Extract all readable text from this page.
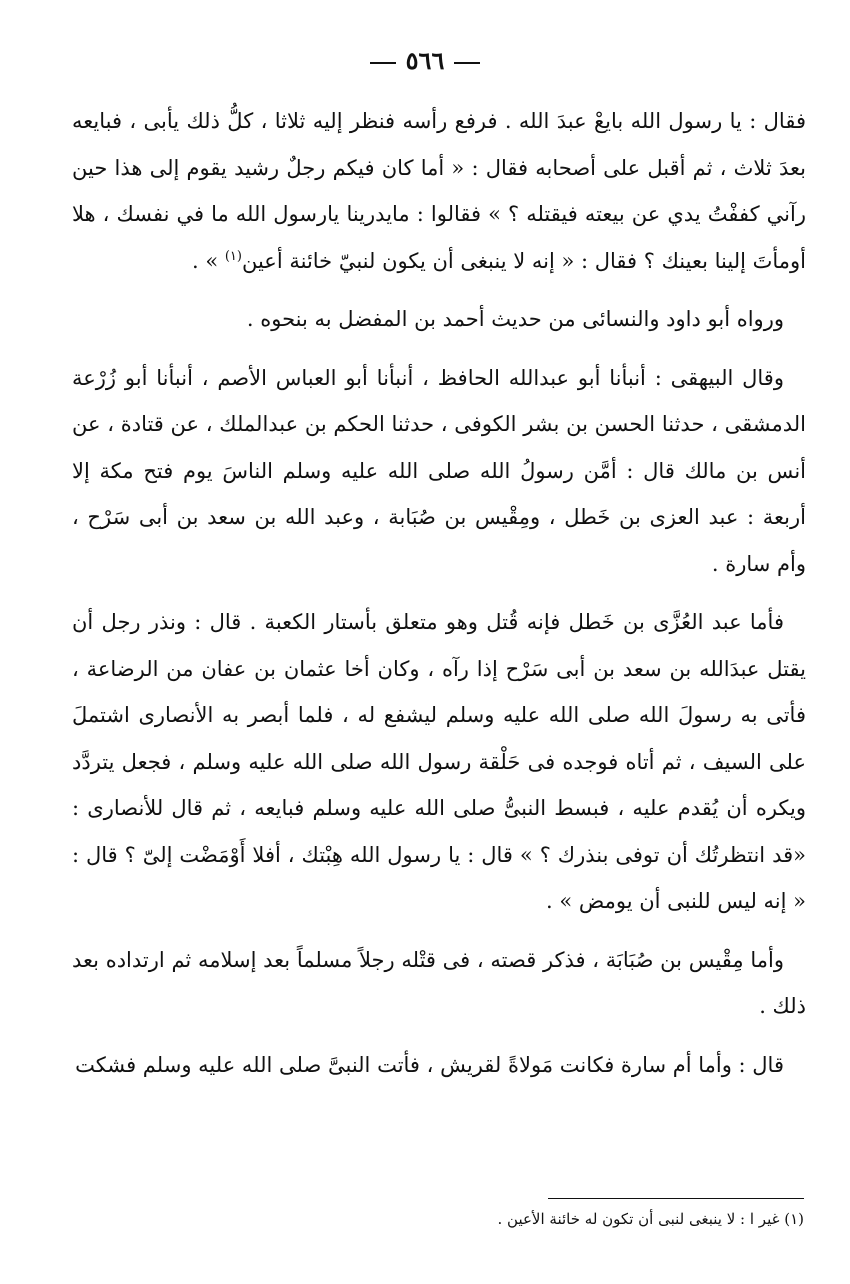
٥٦٦

فقال : يا رسول الله بايعْ عبدَ الله . فرفع رأسه فنظر إليه ثلاثا ، كلُّ ذلك يأبى ، فبايعه بعدَ ثلاث ، ثم أقبل على أصحابه فقال : « أما كان فيكم رجلٌ رشيد يقوم إلى هذا حين رآني كففْتُ يدي عن بيعته فيقتله ؟ » فقالوا : مايدرينا يارسول الله ما في نفسك ، هلا أومأتَ إلينا بعينك ؟ فقال : « إنه لا ينبغى أن يكون لنبيّ خائنة أعين$^{(١)}$ » .

ورواه أبو داود والنسائى من حديث أحمد بن المفضل به بنحوه .

وقال البيهقى : أنبأنا أبو عبدالله الحافظ ، أنبأنا أبو العباس الأصم ، أنبأنا أبو زُرْعة الدمشقى ، حدثنا الحسن بن بشر الكوفى ، حدثنا الحكم بن عبدالملك ، عن قتادة ، عن أنس بن مالك قال : أمَّن رسولُ الله صلى الله عليه وسلم الناسَ يوم فتح مكة إلا أربعة : عبد العزى بن خَطل ، ومِقْيس بن صُبَابة ، وعبد الله بن سعد بن أبى سَرْح ، وأم سارة .

فأما عبد العُزَّى بن خَطل فإنه قُتل وهو متعلق بأستار الكعبة . قال : ونذر رجل أن يقتل عبدَالله بن سعد بن أبى سَرْح إذا رآه ، وكان أخا عثمان بن عفان من الرضاعة ، فأتى به رسولَ الله صلى الله عليه وسلم ليشفع له ، فلما أبصر به الأنصارى اشتملَ على السيف ، ثم أتاه فوجده فى حَلْقة رسول الله صلى الله عليه وسلم ، فجعل يتردَّد ويكره أن يُقدم عليه ، فبسط النبىُّ صلى الله عليه وسلم فبايعه ، ثم قال للأنصارى : «قد انتظرتُك أن توفى بنذرك ؟ » قال : يا رسول الله هِبْتك ، أفلا أَوْمَضْت إلىّ ؟ قال : « إنه ليس للنبى أن يومض » .

وأما مِقْيس بن صُبَابَة ، فذكر قصته ، فى قتْله رجلاً مسلماً بعد إسلامه ثم ارتداده بعد ذلك .

قال : وأما أم سارة فكانت مَولاةً لقريش ، فأتت النبىَّ صلى الله عليه وسلم فشكت

(١) غير ا : لا ينبغى لنبى أن تكون له خائنة الأعين .
